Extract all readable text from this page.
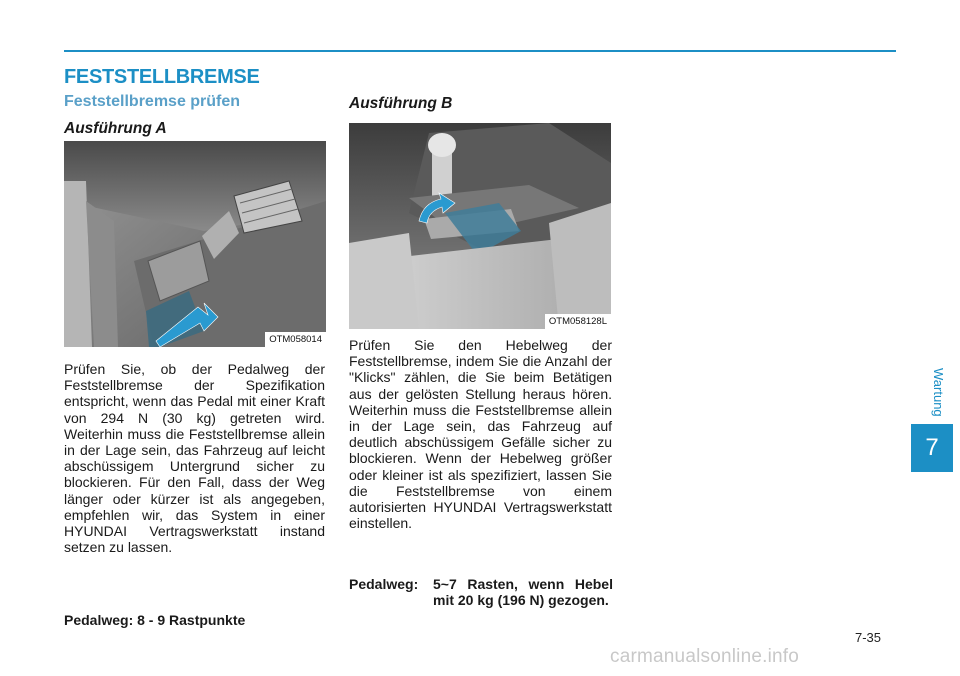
FESTSTELLBREMSE
Feststellbremse prüfen
Ausführung A
OTM058014

Prüfen Sie, ob der Pedalweg der Feststellbremse der Spezifikation entspricht, wenn das Pedal mit einer Kraft von 294 N (30 kg) getreten wird. Weiterhin muss die Feststellbremse allein in der Lage sein, das Fahrzeug auf leicht abschüssigem Untergrund sicher zu blockieren. Für den Fall, dass der Weg länger oder kürzer ist als angegeben, empfehlen wir, das System in einer HYUNDAI Vertragswerkstatt instand setzen zu lassen.

Pedalweg: 8 - 9 Rastpunkte
Ausführung B
OTM058128L

Prüfen Sie den Hebelweg der Feststellbremse, indem Sie die Anzahl der "Klicks" zählen, die Sie beim Betätigen aus der gelösten Stellung heraus hören. Weiterhin muss die Feststellbremse allein in der Lage sein, das Fahrzeug auf deutlich abschüssigem Gefälle sicher zu blockieren. Wenn der Hebelweg größer oder kleiner ist als spezifiziert, lassen Sie die Feststellbremse von einem autorisierten HYUNDAI Vertragswerkstatt einstellen.

Pedalweg: 5~7 Rasten, wenn Hebel mit 20 kg (196 N) gezogen.
Wartung
7
7-35
carmanualsonline.info
